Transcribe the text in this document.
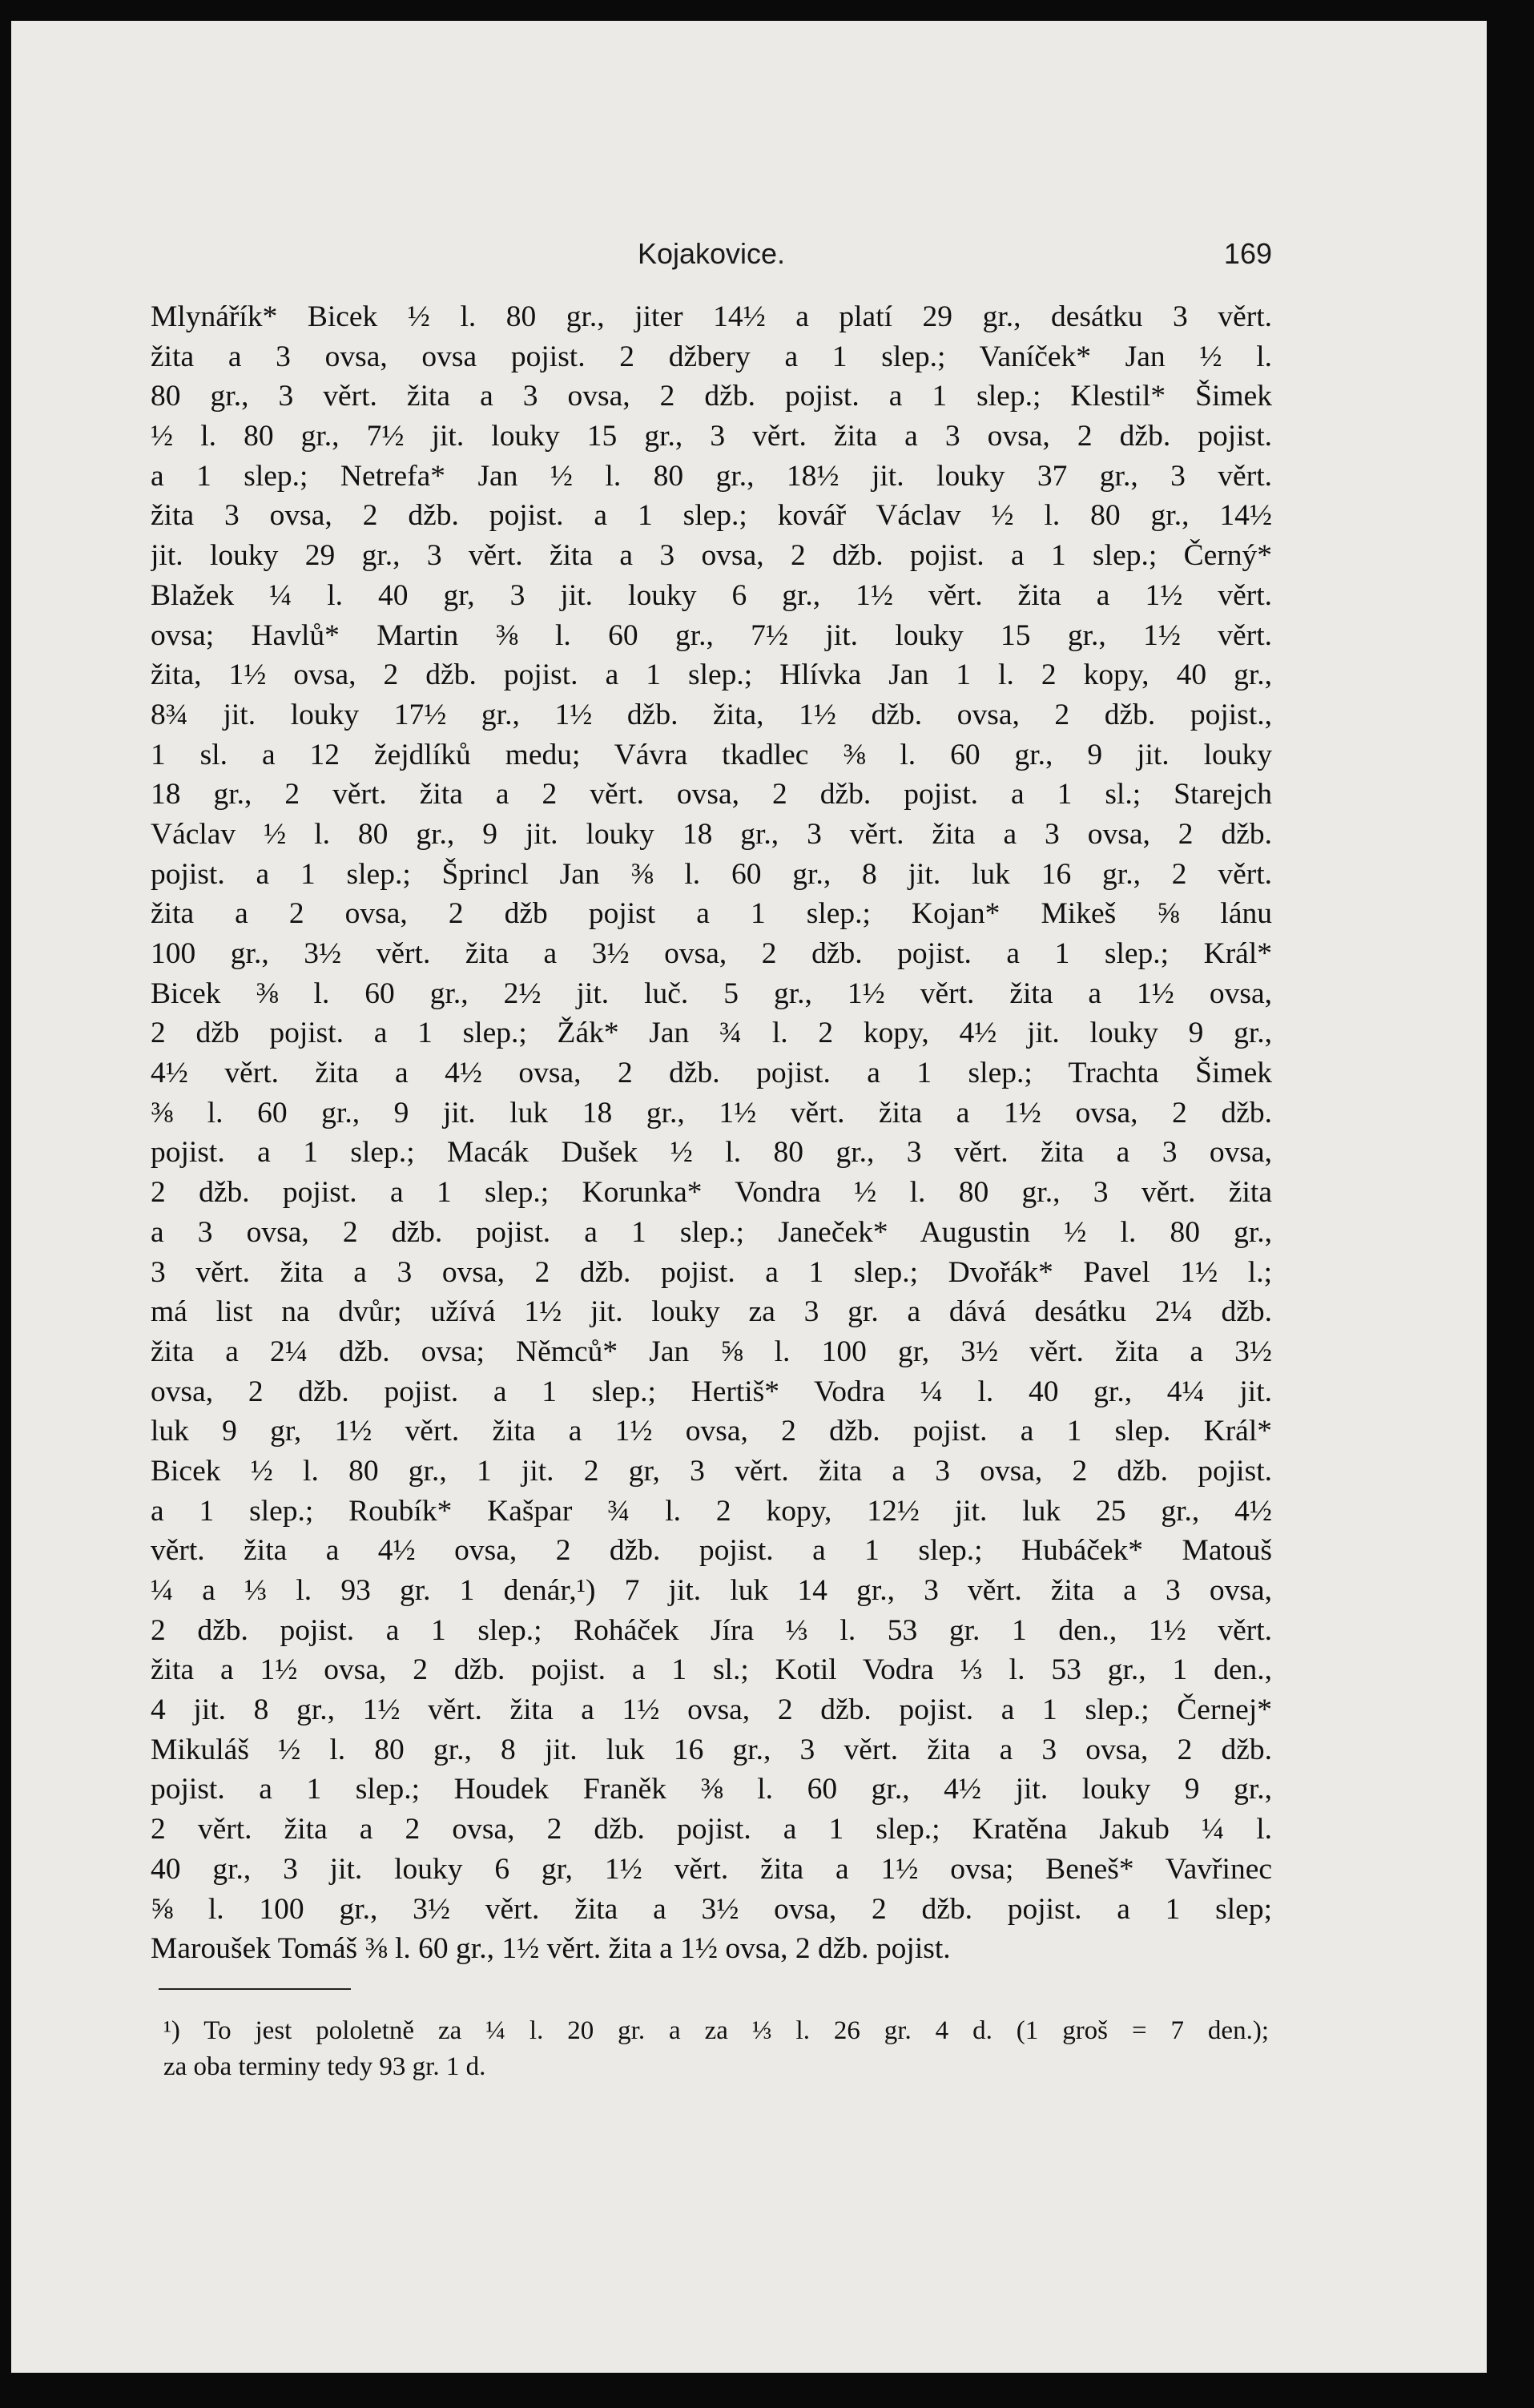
Kojakovice.	169
Mlynářík* Bicek ½ l. 80 gr., jiter 14½ a platí 29 gr., desátku 3 věrt.
žita a 3 ovsa, ovsa pojist. 2 džbery a 1 slep.; Vaníček* Jan ½ l.
80 gr., 3 věrt. žita a 3 ovsa, 2 džb. pojist. a 1 slep.; Klestil* Šimek
½ l. 80 gr., 7½ jit. louky 15 gr., 3 věrt. žita a 3 ovsa, 2 džb. pojist.
a 1 slep.; Netrefa* Jan ½ l. 80 gr., 18½ jit. louky 37 gr., 3 věrt.
žita 3 ovsa, 2 džb. pojist. a 1 slep.; kovář Václav ½ l. 80 gr., 14½
jit. louky 29 gr., 3 věrt. žita a 3 ovsa, 2 džb. pojist. a 1 slep.; Černý*
Blažek ¼ l. 40 gr, 3 jit. louky 6 gr., 1½ věrt. žita a 1½ věrt.
ovsa; Havlů* Martin ⅜ l. 60 gr., 7½ jit. louky 15 gr., 1½ věrt.
žita, 1½ ovsa, 2 džb. pojist. a 1 slep.; Hlívka Jan 1 l. 2 kopy, 40 gr.,
8¾ jit. louky 17½ gr., 1½ džb. žita, 1½ džb. ovsa, 2 džb. pojist.,
1 sl. a 12 žejdlíků medu; Vávra tkadlec ⅜ l. 60 gr., 9 jit. louky
18 gr., 2 věrt. žita a 2 věrt. ovsa, 2 džb. pojist. a 1 sl.; Starejch
Václav ½ l. 80 gr., 9 jit. louky 18 gr., 3 věrt. žita a 3 ovsa, 2 džb.
pojist. a 1 slep.; Šprincl Jan ⅜ l. 60 gr., 8 jit. luk 16 gr., 2 věrt.
žita a 2 ovsa, 2 džb pojist a 1 slep.; Kojan* Mikeš ⅝ lánu
100 gr., 3½ věrt. žita a 3½ ovsa, 2 džb. pojist. a 1 slep.; Král*
Bicek ⅜ l. 60 gr., 2½ jit. luč. 5 gr., 1½ věrt. žita a 1½ ovsa,
2 džb pojist. a 1 slep.; Žák* Jan ¾ l. 2 kopy, 4½ jit. louky 9 gr.,
4½ věrt. žita a 4½ ovsa, 2 džb. pojist. a 1 slep.; Trachta Šimek
⅜ l. 60 gr., 9 jit. luk 18 gr., 1½ věrt. žita a 1½ ovsa, 2 džb.
pojist. a 1 slep.; Macák Dušek ½ l. 80 gr., 3 věrt. žita a 3 ovsa,
2 džb. pojist. a 1 slep.; Korunka* Vondra ½ l. 80 gr., 3 věrt. žita
a 3 ovsa, 2 džb. pojist. a 1 slep.; Janeček* Augustin ½ l. 80 gr.,
3 věrt. žita a 3 ovsa, 2 džb. pojist. a 1 slep.; Dvořák* Pavel 1½ l.;
má list na dvůr; užívá 1½ jit. louky za 3 gr. a dává desátku 2¼ džb.
žita a 2¼ džb. ovsa; Němců* Jan ⅝ l. 100 gr, 3½ věrt. žita a 3½
ovsa, 2 džb. pojist. a 1 slep.; Hertiš* Vodra ¼ l. 40 gr., 4¼ jit.
luk 9 gr, 1½ věrt. žita a 1½ ovsa, 2 džb. pojist. a 1 slep. Král*
Bicek ½ l. 80 gr., 1 jit. 2 gr, 3 věrt. žita a 3 ovsa, 2 džb. pojist.
a 1 slep.; Roubík* Kašpar ¾ l. 2 kopy, 12½ jit. luk 25 gr., 4½
věrt. žita a 4½ ovsa, 2 džb. pojist. a 1 slep.; Hubáček* Matouš
¼ a ⅓ l. 93 gr. 1 denár,¹) 7 jit. luk 14 gr., 3 věrt. žita a 3 ovsa,
2 džb. pojist. a 1 slep.; Roháček Jíra ⅓ l. 53 gr. 1 den., 1½ věrt.
žita a 1½ ovsa, 2 džb. pojist. a 1 sl.; Kotil Vodra ⅓ l. 53 gr., 1 den.,
4 jit. 8 gr., 1½ věrt. žita a 1½ ovsa, 2 džb. pojist. a 1 slep.; Černej*
Mikuláš ½ l. 80 gr., 8 jit. luk 16 gr., 3 věrt. žita a 3 ovsa, 2 džb.
pojist. a 1 slep.; Houdek Franěk ⅜ l. 60 gr., 4½ jit. louky 9 gr.,
2 věrt. žita a 2 ovsa, 2 džb. pojist. a 1 slep.; Kratěna Jakub ¼ l.
40 gr., 3 jit. louky 6 gr, 1½ věrt. žita a 1½ ovsa; Beneš* Vavřinec
⅝ l. 100 gr., 3½ věrt. žita a 3½ ovsa, 2 džb. pojist. a 1 slep;
Maroušek Tomáš ⅜ l. 60 gr., 1½ věrt. žita a 1½ ovsa, 2 džb. pojist.
¹) To jest pololetně za ¼ l. 20 gr. a za ⅓ l. 26 gr. 4 d. (1 groš = 7 den.);
za oba terminy tedy 93 gr. 1 d.
